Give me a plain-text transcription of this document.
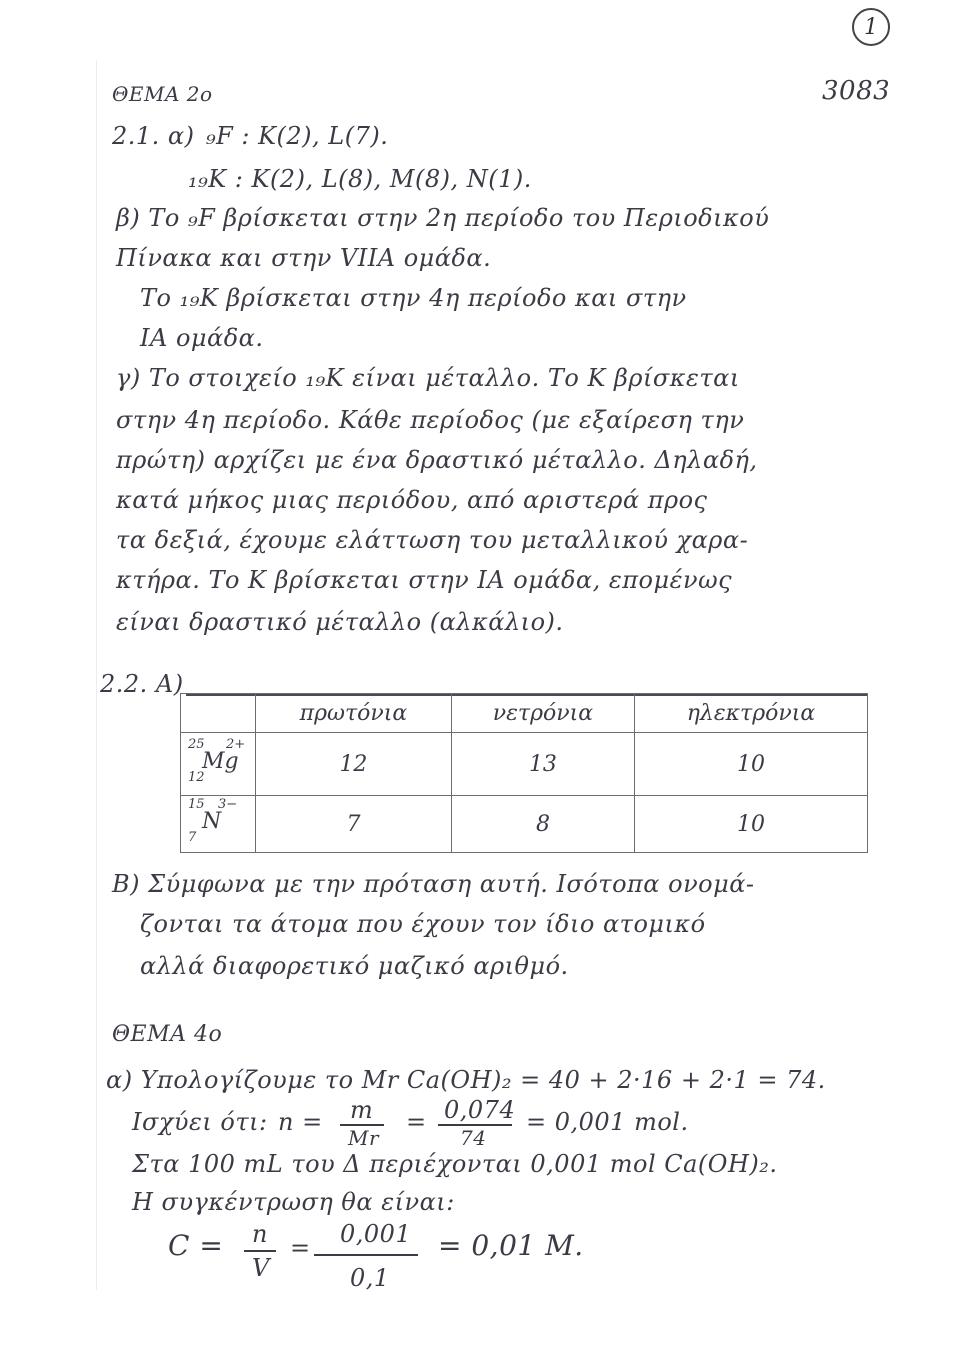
1
3083
ΘΕΜΑ 2ο
2.1. α) ₉F : K(2), L(7).
₁₉K : K(2), L(8), M(8), N(1).
β) Το ₉F βρίσκεται στην 2η περίοδο του Περιοδικού
Πίνακα και στην VIIA ομάδα.
Το ₁₉K βρίσκεται στην 4η περίοδο και στην
IA ομάδα.
γ) Το στοιχείο ₁₉K είναι μέταλλο. Το K βρίσκεται
στην 4η περίοδο. Κάθε περίοδος (με εξαίρεση την
πρώτη) αρχίζει με ένα δραστικό μέταλλο. Δηλαδή,
κατά μήκος μιας περιόδου, από αριστερά προς
τα δεξιά, έχουμε ελάττωση του μεταλλικού χαρα-
κτήρα. Το K βρίσκεται στην IA ομάδα, επομένως
είναι δραστικό μέταλλο (αλκάλιο).
2.2. Α)
	πρωτόνια	νετρόνια	ηλεκτρόνια

25
12
Mg
2+	12	13	10

15
7
N
3−	7	8	10
Β) Σύμφωνα με την πρόταση αυτή. Ισότοπα ονομά-
ζονται τα άτομα που έχουν τον ίδιο ατομικό
αλλά διαφορετικό μαζικό αριθμό.
ΘΕΜΑ 4ο
α) Υπολογίζουμε το Mr Ca(OH)₂ = 40 + 2·16 + 2·1 = 74.
Ισχύει ότι: n = m
Mr
= 0,074
74
= 0,001 mol.
Στα 100 mL του Δ περιέχονται 0,001 mol Ca(OH)₂.
Η συγκέντρωση θα είναι:
C = n
V
= 0,001
0,1
= 0,01 M.
